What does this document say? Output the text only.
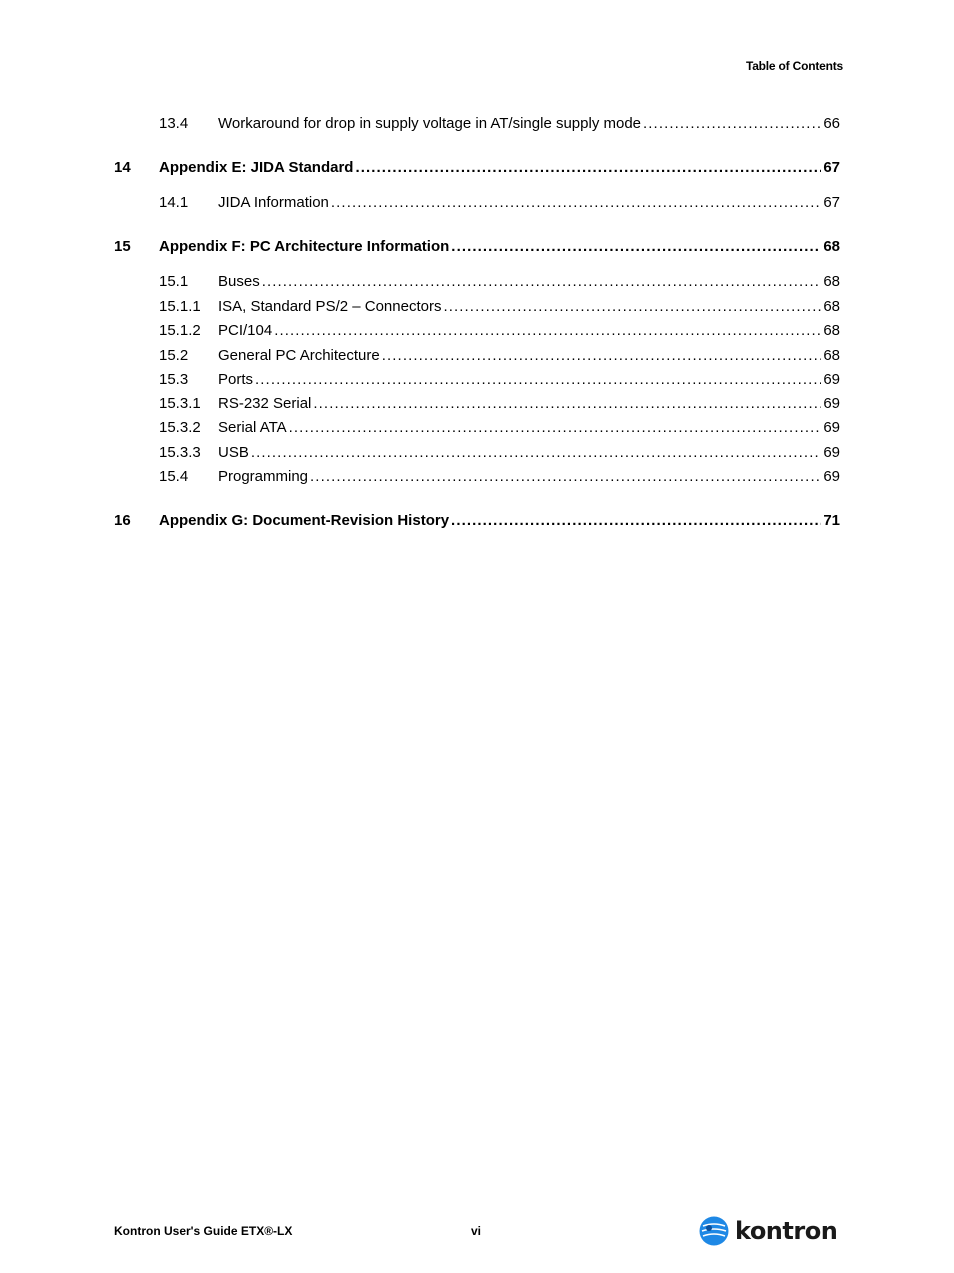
Table of Contents
13.4	Workaround for drop in supply voltage in AT/single supply mode .....	66
14	Appendix E: JIDA Standard .....	67
14.1	JIDA Information .....	67
15	Appendix F: PC Architecture Information .....	68
15.1	Buses .....	68
15.1.1	ISA, Standard PS/2 – Connectors .....	68
15.1.2	PCI/104 .....	68
15.2	General PC Architecture .....	68
15.3	Ports .....	69
15.3.1	RS-232 Serial .....	69
15.3.2	Serial ATA .....	69
15.3.3	USB .....	69
15.4	Programming .....	69
16	Appendix G: Document-Revision History .....	71
Kontron User's Guide ETX®-LX	vi	kontron
